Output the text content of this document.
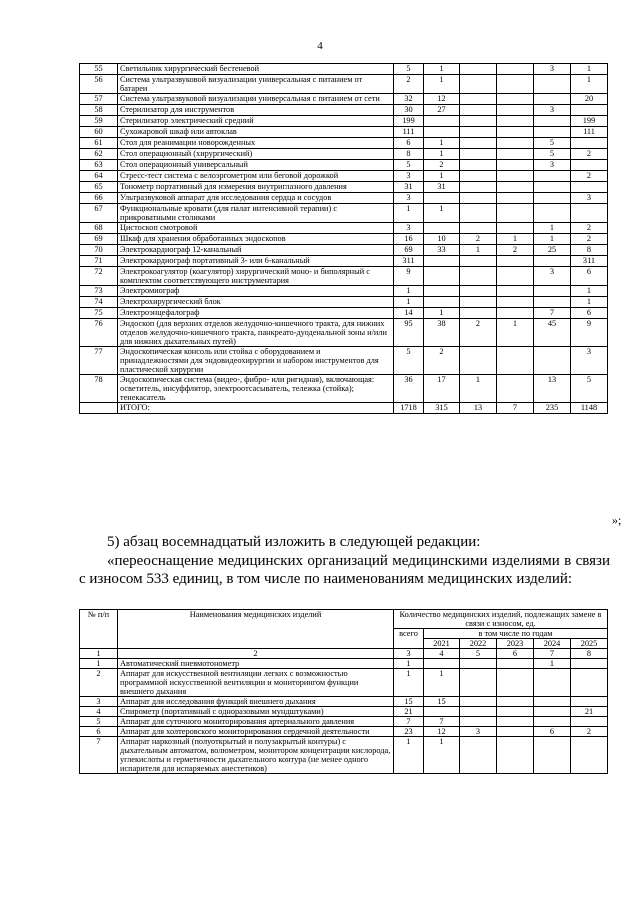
4
55	Светильник хирургический бестеневой	5	1			3	1
56	Система ультразвуковой визуализации универсальная с питанием от батареи	2	1				1
57	Система ультразвуковой визуализации универсальная с питанием от сети	32	12				20
58	Стерилизатор для инструментов	30	27			3	
59	Стерилизатор электрический средний	199					199
60	Сухожаровой шкаф или автоклав	111					111
61	Стол для реанимации новорожденных	6	1			5	
62	Стол операционный (хирургический)	8	1			5	2
63	Стол операционный универсальный	5	2			3	
64	Стресс-тест система с велоэргометром или беговой дорожкой	3	1				2
65	Тонометр портативный для измерения внутриглазного давления	31	31				
66	Ультразвуковой аппарат для исследования сердца и сосудов	3					3
67	Функциональные кровати (для палат интенсивной терапии) с прикроватными столиками	1	1				
68	Цистоскоп смотровой	3				1	2
69	Шкаф для хранения обработанных эндоскопов	16	10	2	1	1	2
70	Электрокардиограф 12-канальный	69	33	1	2	25	8
71	Электрокардиограф портативный 3- или 6-канальный	311					311
72	Электрокоагулятор (коагулятор) хирургический моно- и биполярный с комплектом соответствующего инструментария	9				3	6
73	Электромиограф	1					1
74	Электрохирургический блок	1					1
75	Электроэнцефалограф	14	1			7	6
76	Эндоскоп (для верхних отделов желудочно-кишечного тракта, для нижних отделов желудочно-кишечного тракта, панкреато-дуоденальной зоны и/или для нижних дыхательных путей)	95	38	2	1	45	9
77	Эндоскопическая консоль или стойка с оборудованием и принадлежностями для эндовидеохирургии и набором инструментов для пластической хирургии	5	2				3
78	Эндоскопическая система (видео-, фибро- или ригидная), включающая: осветитель, инсуффлятор, электроотсасыватель, тележка (стойка); тенекасатель	36	17	1		13	5
	ИТОГО:	1718	315	13	7	235	1148
»;
5) абзац восемнадцатый изложить в следующей редакции:
«переоснащение медицинских организаций медицинскими изделиями в связи с износом 533 единиц, в том числе по наименованиям медицинских изделий:
№ п/п	Наименования медицинских изделий	Количество медицинских изделий, подлежащих замене в связи с износом, ед.					
		всего	в том числе по годам				
			2021	2022	2023	2024	2025
1	2	3	4	5	6	7	8
1	Автоматический пневмотонометр	1				1	
2	Аппарат для искусственной вентиляции легких с возможностью программной искусственной вентиляции и мониторингом функции внешнего дыхания	1	1				
3	Аппарат для исследования функций внешнего дыхания	15	15				
4	Спирометр (портативный с одноразовыми мундштуками)	21					21
5	Аппарат для суточного мониторирования артериального давления	7	7				
6	Аппарат для холтеровского мониторирования сердечной деятельности	23	12	3		6	2
7	Аппарат наркозный (полуоткрытый и полузакрытый контуры) с дыхательным автоматом, волюметром, монитором концентрации кислорода, углекислоты и герметичности дыхательного контура (не менее одного испарителя для испаряемых анестетиков)	1	1				
